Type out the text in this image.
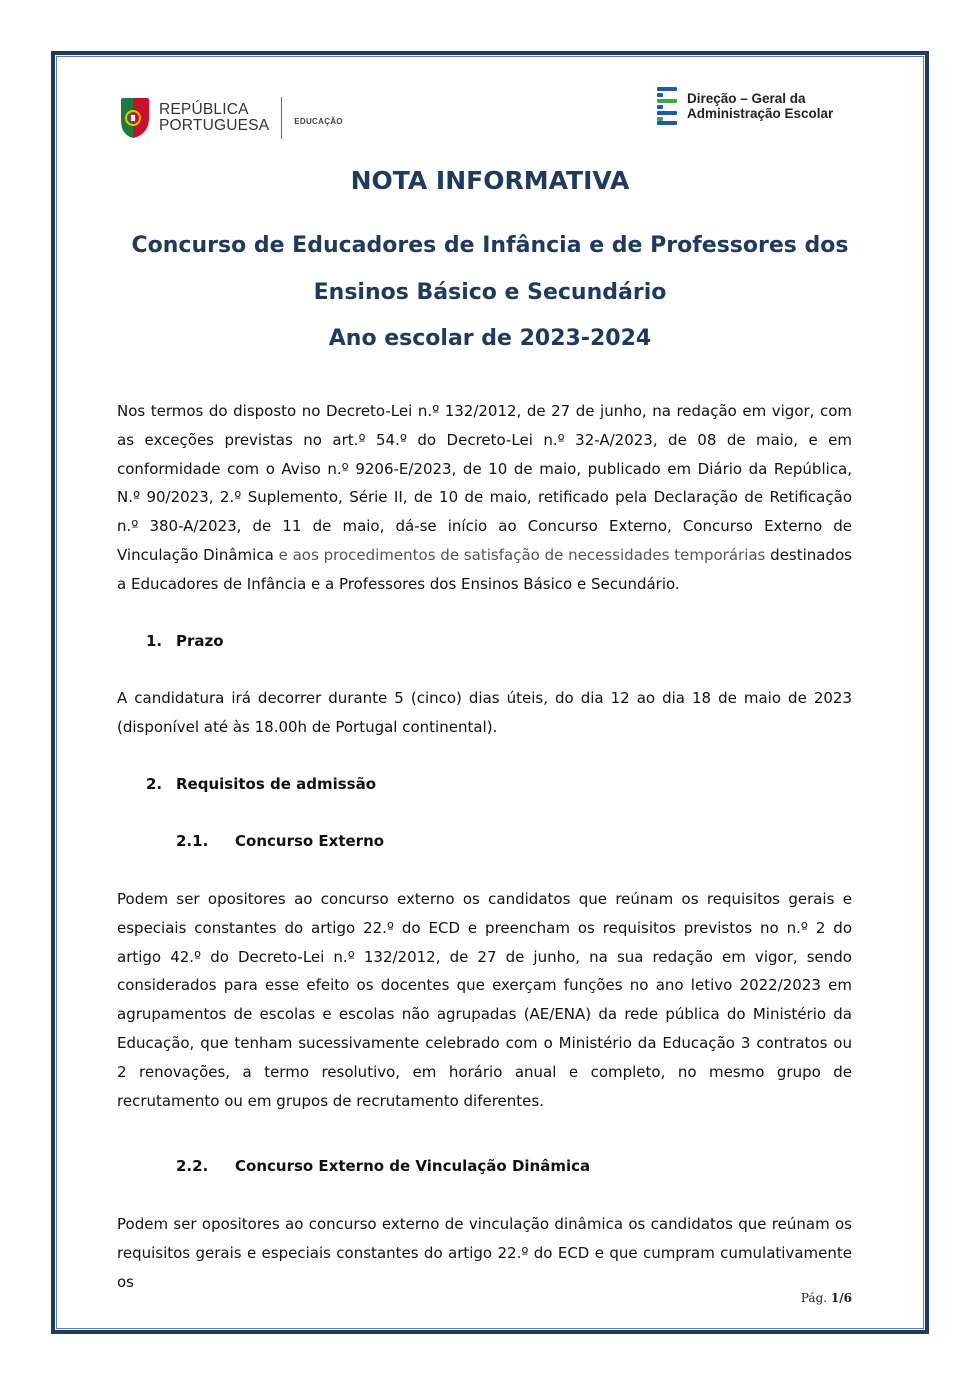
REPÚBLICA
PORTUGUESA	EDUCAÇÃO
Direção – Geral da
Administração Escolar
NOTA INFORMATIVA
Concurso de Educadores de Infância e de Professores dos
Ensinos Básico e Secundário
Ano escolar de 2023-2024
Nos termos do disposto no Decreto-Lei n.º 132/2012, de 27 de junho, na redação em vigor, com as exceções previstas no art.º 54.º do Decreto-Lei n.º 32-A/2023, de 08 de maio, e em conformidade com o Aviso n.º 9206-E/2023, de 10 de maio, publicado em Diário da República, N.º 90/2023, 2.º Suplemento, Série II, de 10 de maio, retificado pela Declaração de Retificação n.º 380-A/2023, de 11 de maio, dá-se início ao Concurso Externo, Concurso Externo de Vinculação Dinâmica e aos procedimentos de satisfação de necessidades temporárias destinados a Educadores de Infância e a Professores dos Ensinos Básico e Secundário.
1. Prazo
A candidatura irá decorrer durante 5 (cinco) dias úteis, do dia 12 ao dia 18 de maio de 2023 (disponível até às 18.00h de Portugal continental).
2. Requisitos de admissão
2.1. Concurso Externo
Podem ser opositores ao concurso externo os candidatos que reúnam os requisitos gerais e especiais constantes do artigo 22.º do ECD e preencham os requisitos previstos no n.º 2 do artigo 42.º do Decreto-Lei n.º 132/2012, de 27 de junho, na sua redação em vigor, sendo considerados para esse efeito os docentes que exerçam funções no ano letivo 2022/2023 em agrupamentos de escolas e escolas não agrupadas (AE/ENA) da rede pública do Ministério da Educação, que tenham sucessivamente celebrado com o Ministério da Educação 3 contratos ou 2 renovações, a termo resolutivo, em horário anual e completo, no mesmo grupo de recrutamento ou em grupos de recrutamento diferentes.
2.2. Concurso Externo de Vinculação Dinâmica
Podem ser opositores ao concurso externo de vinculação dinâmica os candidatos que reúnam os requisitos gerais e especiais constantes do artigo 22.º do ECD e que cumpram cumulativamente os
Pág. 1/6
